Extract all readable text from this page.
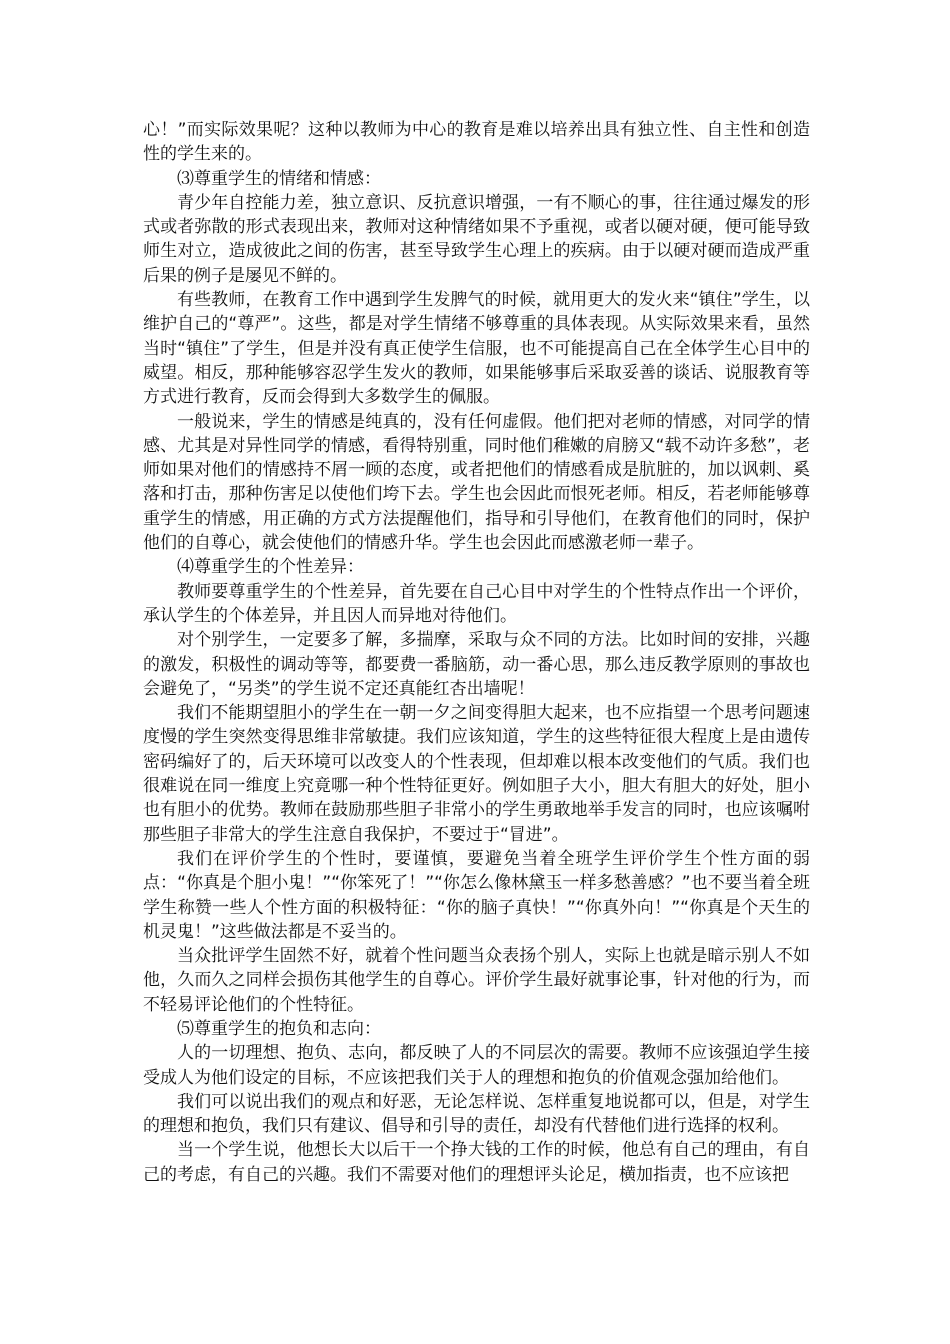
心！”而实际效果呢？这种以教师为中心的教育是难以培养出具有独立性、自主性和创造性的学生来的。

⑶尊重学生的情绪和情感：

青少年自控能力差，独立意识、反抗意识增强，一有不顺心的事，往往通过爆发的形式或者弥散的形式表现出来，教师对这种情绪如果不予重视，或者以硬对硬，便可能导致师生对立，造成彼此之间的伤害，甚至导致学生心理上的疾病。由于以硬对硬而造成严重后果的例子是屡见不鲜的。

有些教师，在教育工作中遇到学生发脾气的时候，就用更大的发火来“镇住”学生，以维护自己的“尊严”。这些，都是对学生情绪不够尊重的具体表现。从实际效果来看，虽然当时“镇住”了学生，但是并没有真正使学生信服，也不可能提高自己在全体学生心目中的威望。相反，那种能够容忍学生发火的教师，如果能够事后采取妥善的谈话、说服教育等方式进行教育，反而会得到大多数学生的佩服。

一般说来，学生的情感是纯真的，没有任何虚假。他们把对老师的情感，对同学的情感、尤其是对异性同学的情感，看得特别重，同时他们稚嫩的肩膀又“载不动许多愁”，老师如果对他们的情感持不屑一顾的态度，或者把他们的情感看成是肮脏的，加以讽刺、奚落和打击，那种伤害足以使他们垮下去。学生也会因此而恨死老师。相反，若老师能够尊重学生的情感，用正确的方式方法提醒他们，指导和引导他们，在教育他们的同时，保护他们的自尊心，就会使他们的情感升华。学生也会因此而感激老师一辈子。

⑷尊重学生的个性差异：

教师要尊重学生的个性差异，首先要在自己心目中对学生的个性特点作出一个评价，承认学生的个体差异，并且因人而异地对待他们。

对个别学生，一定要多了解，多揣摩，采取与众不同的方法。比如时间的安排，兴趣的激发，积极性的调动等等，都要费一番脑筋，动一番心思，那么违反教学原则的事故也会避免了，“另类”的学生说不定还真能红杏出墙呢！

我们不能期望胆小的学生在一朝一夕之间变得胆大起来，也不应指望一个思考问题速度慢的学生突然变得思维非常敏捷。我们应该知道，学生的这些特征很大程度上是由遗传密码编好了的，后天环境可以改变人的个性表现，但却难以根本改变他们的气质。我们也很难说在同一维度上究竟哪一种个性特征更好。例如胆子大小，胆大有胆大的好处，胆小也有胆小的优势。教师在鼓励那些胆子非常小的学生勇敢地举手发言的同时，也应该嘱咐那些胆子非常大的学生注意自我保护，不要过于“冒进”。

我们在评价学生的个性时，要谨慎，要避免当着全班学生评价学生个性方面的弱点：“你真是个胆小鬼！”“你笨死了！”“你怎么像林黛玉一样多愁善感？”也不要当着全班学生称赞一些人个性方面的积极特征：“你的脑子真快！”“你真外向！”“你真是个天生的机灵鬼！”这些做法都是不妥当的。

当众批评学生固然不好，就着个性问题当众表扬个别人，实际上也就是暗示别人不如他，久而久之同样会损伤其他学生的自尊心。评价学生最好就事论事，针对他的行为，而不轻易评论他们的个性特征。

⑸尊重学生的抱负和志向：

人的一切理想、抱负、志向，都反映了人的不同层次的需要。教师不应该强迫学生接受成人为他们设定的目标，不应该把我们关于人的理想和抱负的价值观念强加给他们。

我们可以说出我们的观点和好恶，无论怎样说、怎样重复地说都可以，但是，对学生的理想和抱负，我们只有建议、倡导和引导的责任，却没有代替他们进行选择的权利。

当一个学生说，他想长大以后干一个挣大钱的工作的时候，他总有自己的理由，有自己的考虑，有自己的兴趣。我们不需要对他们的理想评头论足，横加指责，也不应该把
